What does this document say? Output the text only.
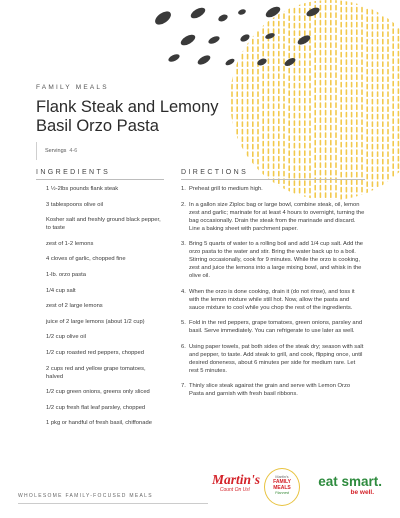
FAMILY MEALS
Flank Steak and Lemony
Basil Orzo Pasta
Servings 4-6
INGREDIENTS
1 ½-2lbs pounds flank steak
3 tablespoons olive oil
Kosher salt and freshly ground black pepper, to taste
zest of 1-2 lemons
4 cloves of garlic, chopped fine
1-lb. orzo pasta
1/4 cup salt
zest of 2 large lemons
juice of 2 large lemons (about 1/2 cup)
1/2 cup olive oil
1/2 cup roasted red peppers, chopped
2 cups red and yellow grape tomatoes, halved
1/2 cup green onions, greens only sliced
1/2 cup fresh flat leaf parsley, chopped
1 pkg or handful of fresh basil, chiffonade
DIRECTIONS
1. Preheat grill to medium high.
2. In a gallon size Ziploc bag or large bowl, combine steak, oil, lemon zest and garlic; marinate for at least 4 hours to overnight, turning the bag occasionally. Drain the steak from the marinade and discard. Line a baking sheet with parchment paper.
3. Bring 5 quarts of water to a rolling boil and add 1/4 cup salt. Add the orzo pasta to the water and stir. Bring the water back up to a boil. Stirring occasionally, cook for 9 minutes. While the orzo is cooking, zest and juice the lemons into a large mixing bowl, and whisk in the olive oil.
4. When the orzo is done cooking, drain it (do not rinse), and toss it with the lemon mixture while still hot. Now, allow the pasta and sauce mixture to cool while you chop the rest of the ingredients.
5. Fold in the red peppers, grape tomatoes, green onions, parsley and basil. Serve immediately. You can refrigerate to use later as well.
6. Using paper towels, pat both sides of the steak dry; season with salt and pepper, to taste. Add steak to grill, and cook, flipping once, until desired doneness, about 6 minutes per side for medium rare. Let rest 5 minutes.
7. Thinly slice steak against the grain and serve with Lemon Orzo Pasta and garnish with fresh basil ribbons.
WHOLESOME FAMILY-FOCUSED MEALS
Martin's
Count On Us!
Martin's
FAMILY
MEALS
Planned
eat smart.
be well.
